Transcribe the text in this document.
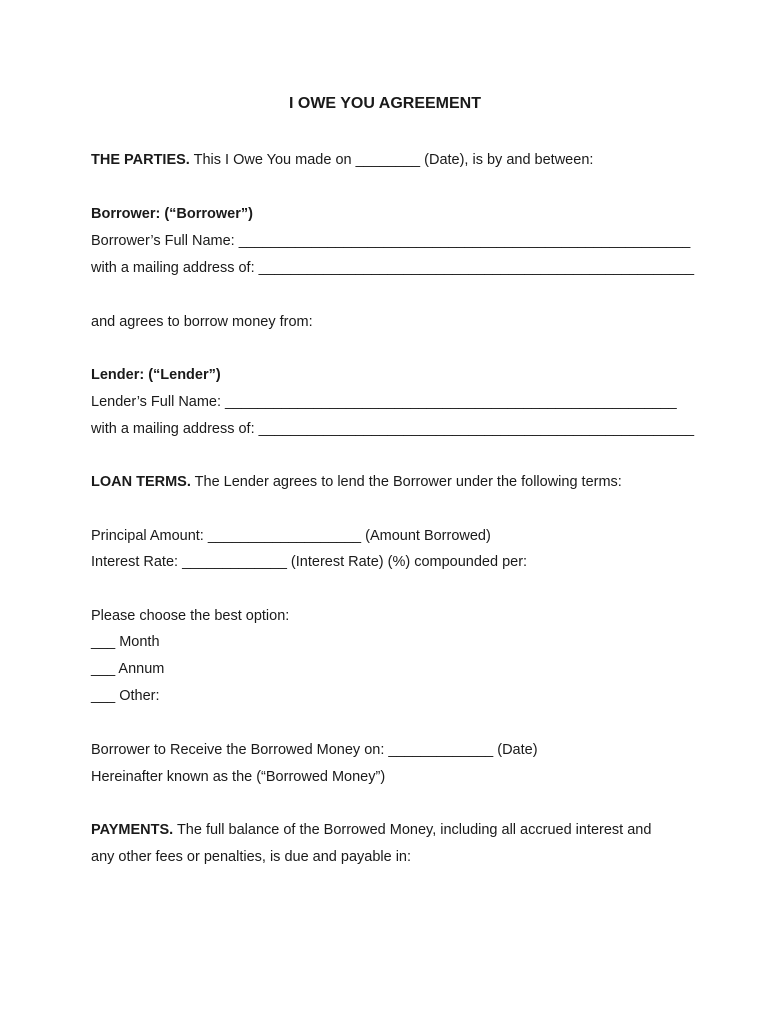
I OWE YOU AGREEMENT
THE PARTIES. This I Owe You made on ________ (Date), is by and between:
Borrower: (“Borrower”)
Borrower’s Full Name: ________________________________________________________
with a mailing address of: ______________________________________________________
and agrees to borrow money from:
Lender: (“Lender”)
Lender’s Full Name: ________________________________________________________
with a mailing address of: ______________________________________________________
LOAN TERMS. The Lender agrees to lend the Borrower under the following terms:
Principal Amount: ___________________ (Amount Borrowed)
Interest Rate: _____________ (Interest Rate) (%) compounded per:
Please choose the best option:
___ Month
___ Annum
___ Other:
Borrower to Receive the Borrowed Money on: _____________ (Date)
Hereinafter known as the (“Borrowed Money”)
PAYMENTS. The full balance of the Borrowed Money, including all accrued interest and
any other fees or penalties, is due and payable in:
